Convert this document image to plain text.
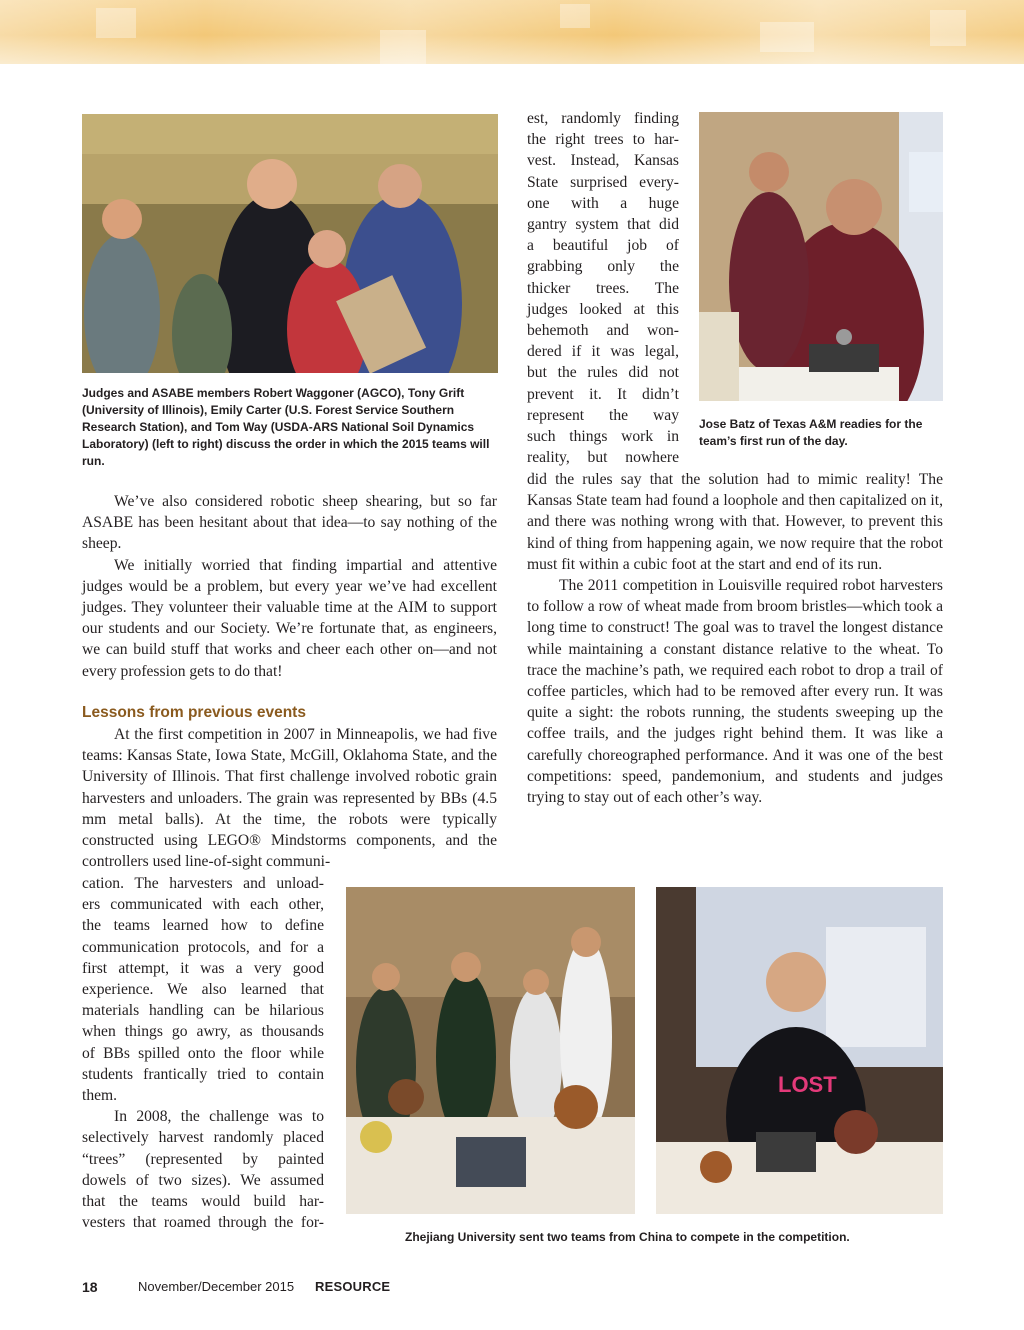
Judges and ASABE members Robert Waggoner (AGCO), Tony Grift (University of Illinois), Emily Carter (U.S. Forest Service Southern Research Station), and Tom Way (USDA-ARS National Soil Dynamics Laboratory) (left to right) discuss the order in which the 2015 teams will run.

Jose Batz of Texas A&M readies for the team’s first run of the day.

LOST

Zhejiang University sent two teams from China to compete in the competition.

est, randomly finding
the right trees to har-
vest. Instead, Kansas
State surprised every-
one with a huge
gantry system that did
a beautiful job of
grabbing only the
thicker trees. The
judges looked at this
behemoth and won-
dered if it was legal,
but the rules did not
prevent it. It didn’t
represent the way
such things work in
reality, but nowhere

did the rules say that the solution had to mimic reality! The Kansas State team had found a loophole and then capitalized on it, and there was nothing wrong with that. However, to prevent this kind of thing from happening again, we now require that the robot must fit within a cubic foot at the start and end of its run.

The 2011 competition in Louisville required robot harvesters to follow a row of wheat made from broom bristles—which took a long time to construct! The goal was to travel the longest distance while maintaining a constant distance relative to the wheat. To trace the machine’s path, we required each robot to drop a trail of coffee particles, which had to be removed after every run. It was quite a sight: the robots running, the students sweeping up the coffee trails, and the judges right behind them. It was like a carefully choreographed performance. And it was one of the best competitions: speed, pandemonium, and students and judges trying to stay out of each other’s way.

We’ve also considered robotic sheep shearing, but so far ASABE has been hesitant about that idea—to say nothing of the sheep.

We initially worried that finding impartial and attentive judges would be a problem, but every year we’ve had excellent judges. They volunteer their valuable time at the AIM to support our students and our Society. We’re fortunate that, as engineers, we can build stuff that works and cheer each other on—and not every profession gets to do that!

Lessons from previous events

At the first competition in 2007 in Minneapolis, we had five teams: Kansas State, Iowa State, McGill, Oklahoma State, and the University of Illinois. That first challenge involved robotic grain harvesters and unloaders. The grain was represented by BBs (4.5 mm metal balls). At the time, the robots were typically constructed using LEGO® Mindstorms components, and the controllers used line-of-sight communi-

cation. The harvesters and unload-
ers communicated with each other,
the teams learned how to define
communication protocols, and for a
first attempt, it was a very good
experience. We also learned that
materials handling can be hilarious
when things go awry, as thousands
of BBs spilled onto the floor while
students frantically tried to contain
them.
In 2008, the challenge was to
selectively harvest randomly placed
“trees” (represented by painted
dowels of two sizes). We assumed
that the teams would build har-
vesters that roamed through the for-
18	November/December 2015 RESOURCE
